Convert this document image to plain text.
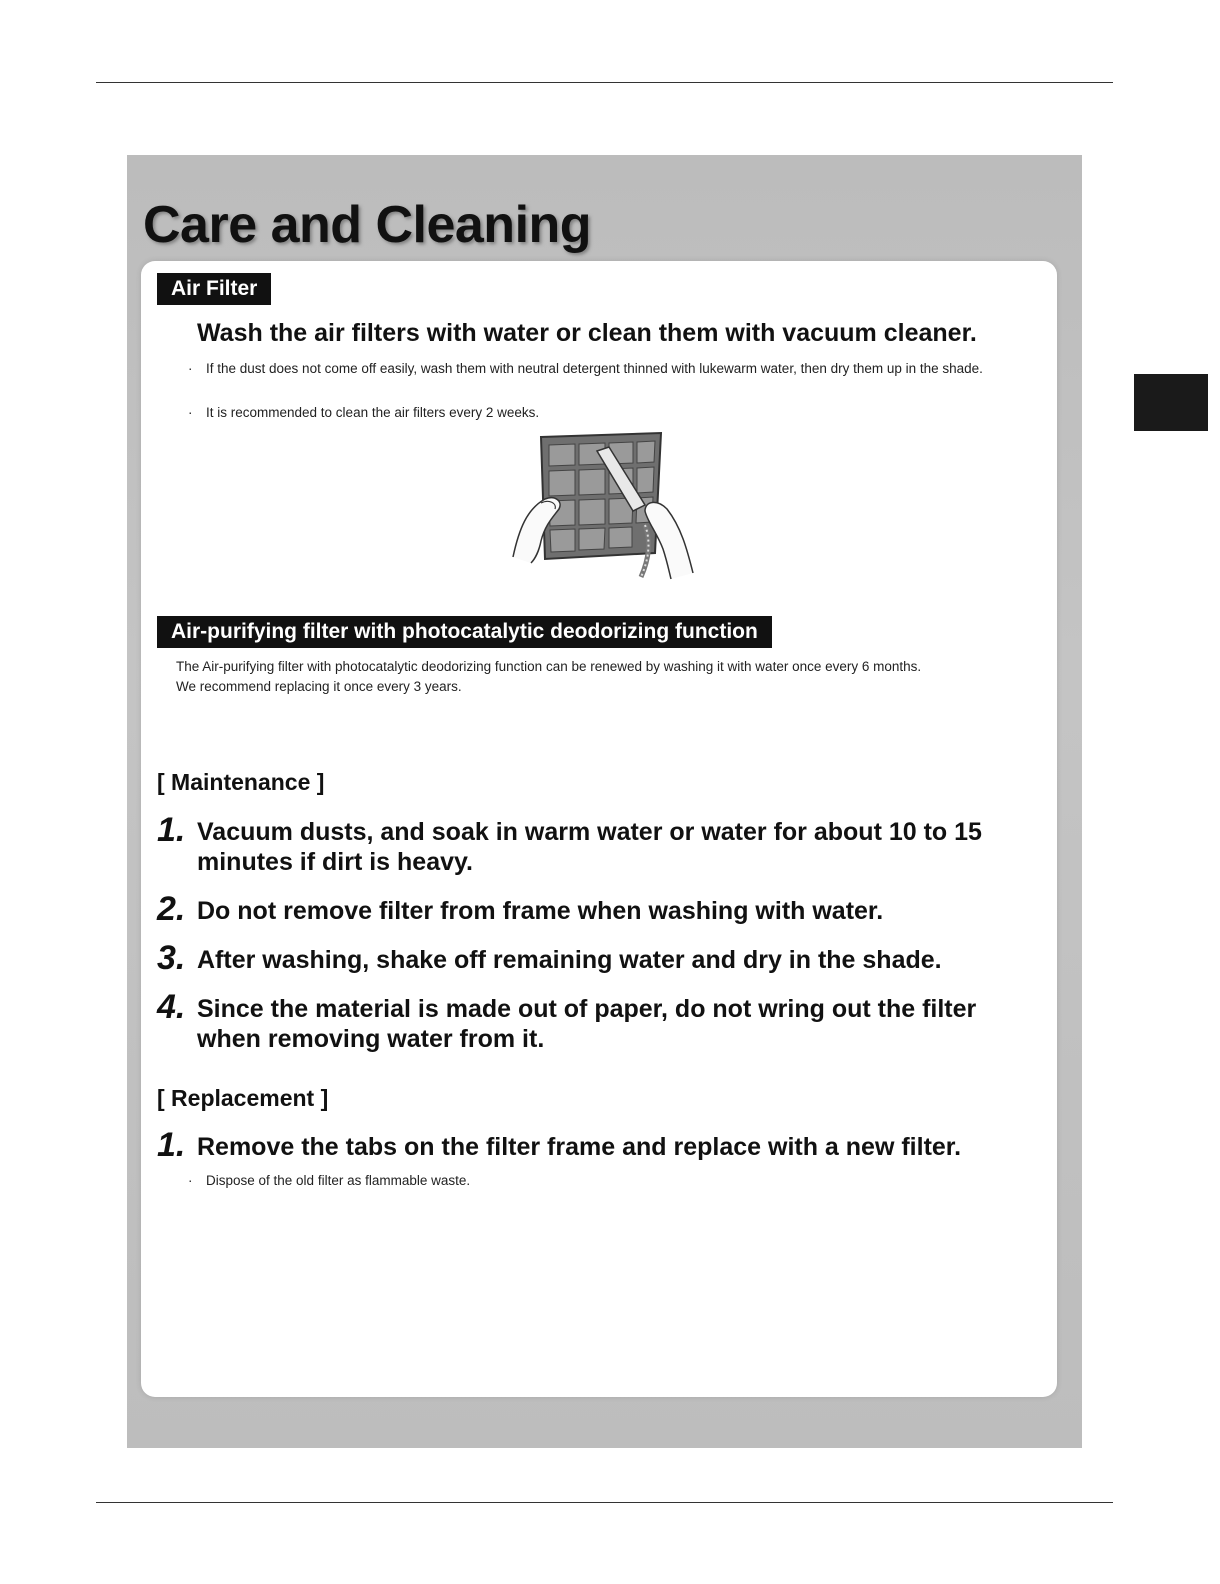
Care and Cleaning
Air Filter
Wash the air filters with water or clean them with vacuum cleaner.
· If the dust does not come off easily, wash them with neutral detergent thinned with lukewarm water, then dry them up in the shade.
· It is recommended to clean the air filters every 2 weeks.
Air-purifying filter with photocatalytic deodorizing function
The Air-purifying filter with photocatalytic deodorizing function can be renewed by washing it with water once every 6 months.
We recommend replacing it once every 3 years.
[ Maintenance ]
1. Vacuum dusts, and soak in warm water or water for about 10 to 15 minutes if dirt is heavy.
2. Do not remove filter from frame when washing with water.
3. After washing, shake off remaining water and dry in the shade.
4. Since the material is made out of paper, do not wring out the filter when removing water from it.
[ Replacement ]
1. Remove the tabs on the filter frame and replace with a new filter.
· Dispose of the old filter as flammable waste.
